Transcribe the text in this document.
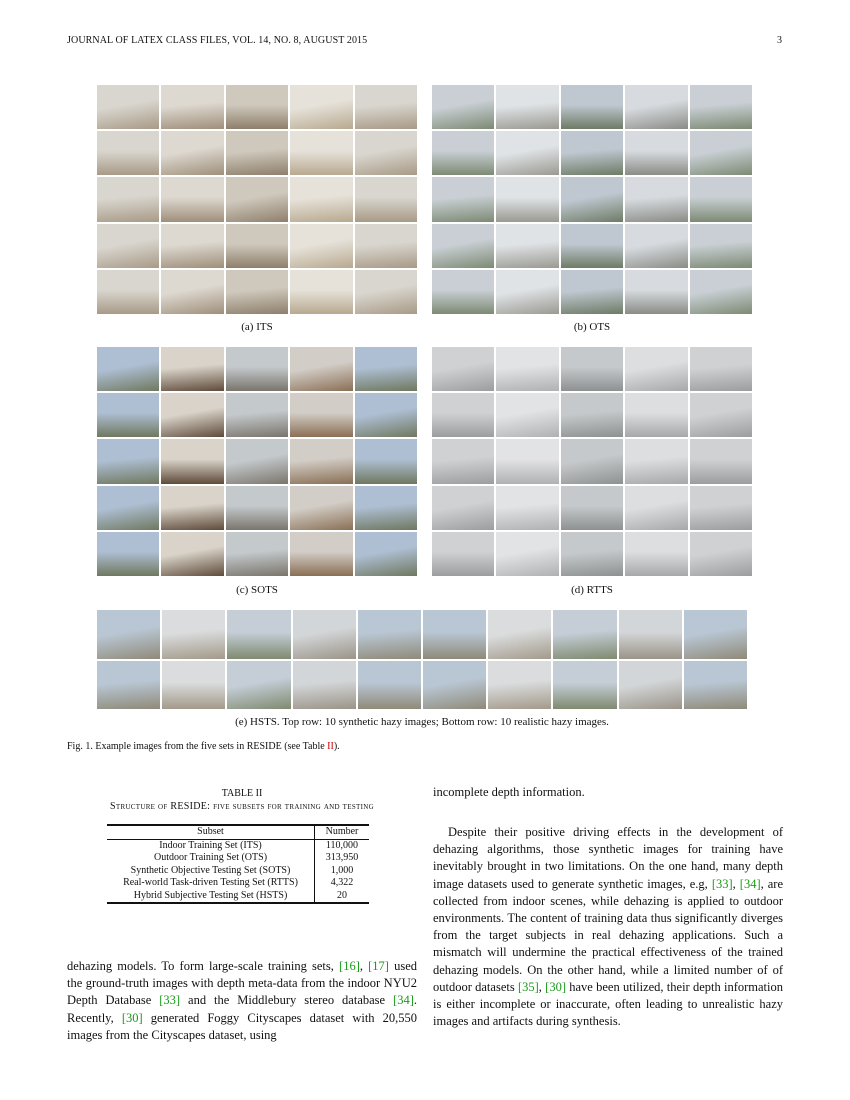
JOURNAL OF LATEX CLASS FILES, VOL. 14, NO. 8, AUGUST 2015	3
(a) ITS	(b) OTS
(c) SOTS	(d) RTTS
(e) HSTS. Top row: 10 synthetic hazy images; Bottom row: 10 realistic hazy images.
Fig. 1. Example images from the five sets in RESIDE (see Table II).
TABLE II
Structure of RESIDE: five subsets for training and testing
Subset	Number
Indoor Training Set (ITS)	110,000
Outdoor Training Set (OTS)	313,950
Synthetic Objective Testing Set (SOTS)	1,000
Real-world Task-driven Testing Set (RTTS)	4,322
Hybrid Subjective Testing Set (HSTS)	20
dehazing models. To form large-scale training sets, [16], [17] used the ground-truth images with depth meta-data from the indoor NYU2 Depth Database [33] and the Middlebury stereo database [34]. Recently, [30] generated Foggy Cityscapes dataset with 20,550 images from the Cityscapes dataset, using
incomplete depth information.
Despite their positive driving effects in the development of dehazing algorithms, those synthetic images for training have inevitably brought in two limitations. On the one hand, many depth image datasets used to generate synthetic images, e.g, [33], [34], are collected from indoor scenes, while dehazing is applied to outdoor environments. The content of training data thus significantly diverges from the target subjects in real dehazing applications. Such a mismatch will undermine the practical effectiveness of the trained dehazing models. On the other hand, while a limited number of of outdoor datasets [35], [30] have been utilized, their depth information is either incomplete or inaccurate, often leading to unrealistic hazy images and artifacts during synthesis.
